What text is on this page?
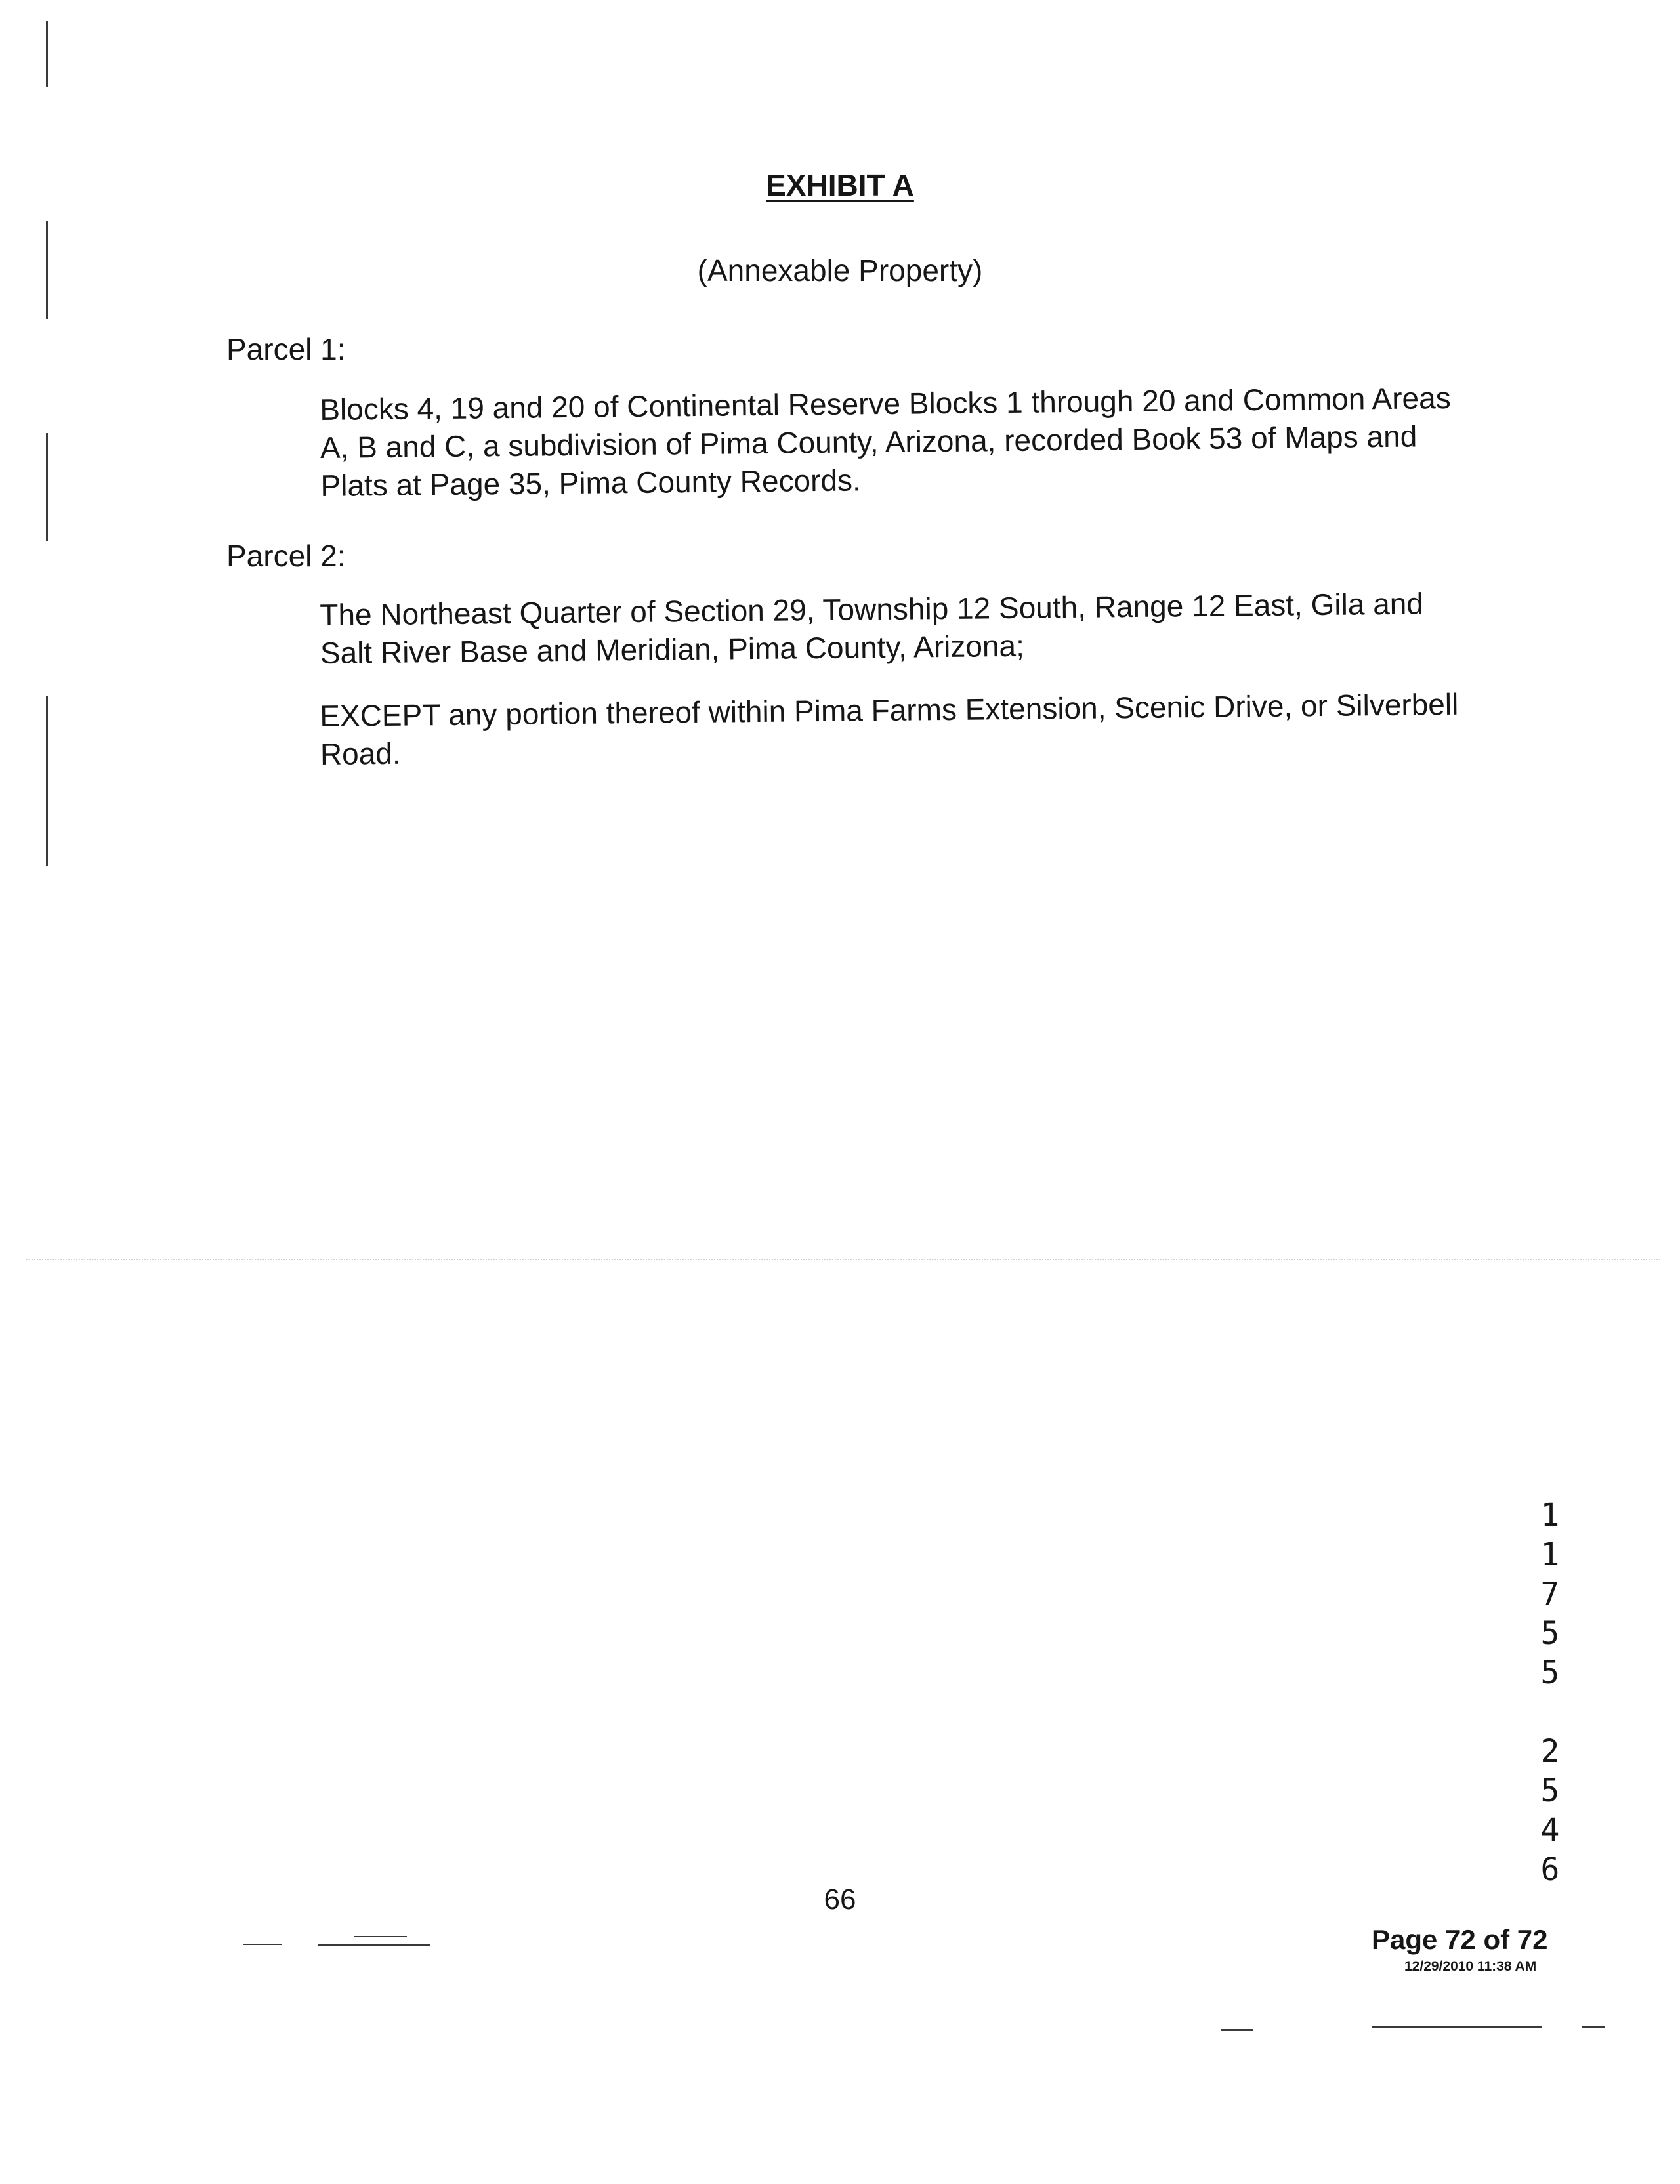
EXHIBIT A
(Annexable Property)
Parcel 1:
Blocks 4, 19 and 20 of Continental Reserve Blocks 1 through 20 and Common Areas A, B and C, a subdivision of Pima County, Arizona, recorded Book 53 of Maps and Plats at Page 35, Pima County Records.
Parcel 2:
The Northeast Quarter of Section 29, Township 12 South, Range 12 East, Gila and Salt River Base and Meridian, Pima County, Arizona;
EXCEPT any portion thereof within Pima Farms Extension, Scenic Drive, or Silverbell Road.

11755 2546

66
Page 72 of 72
12/29/2010 11:38 AM
